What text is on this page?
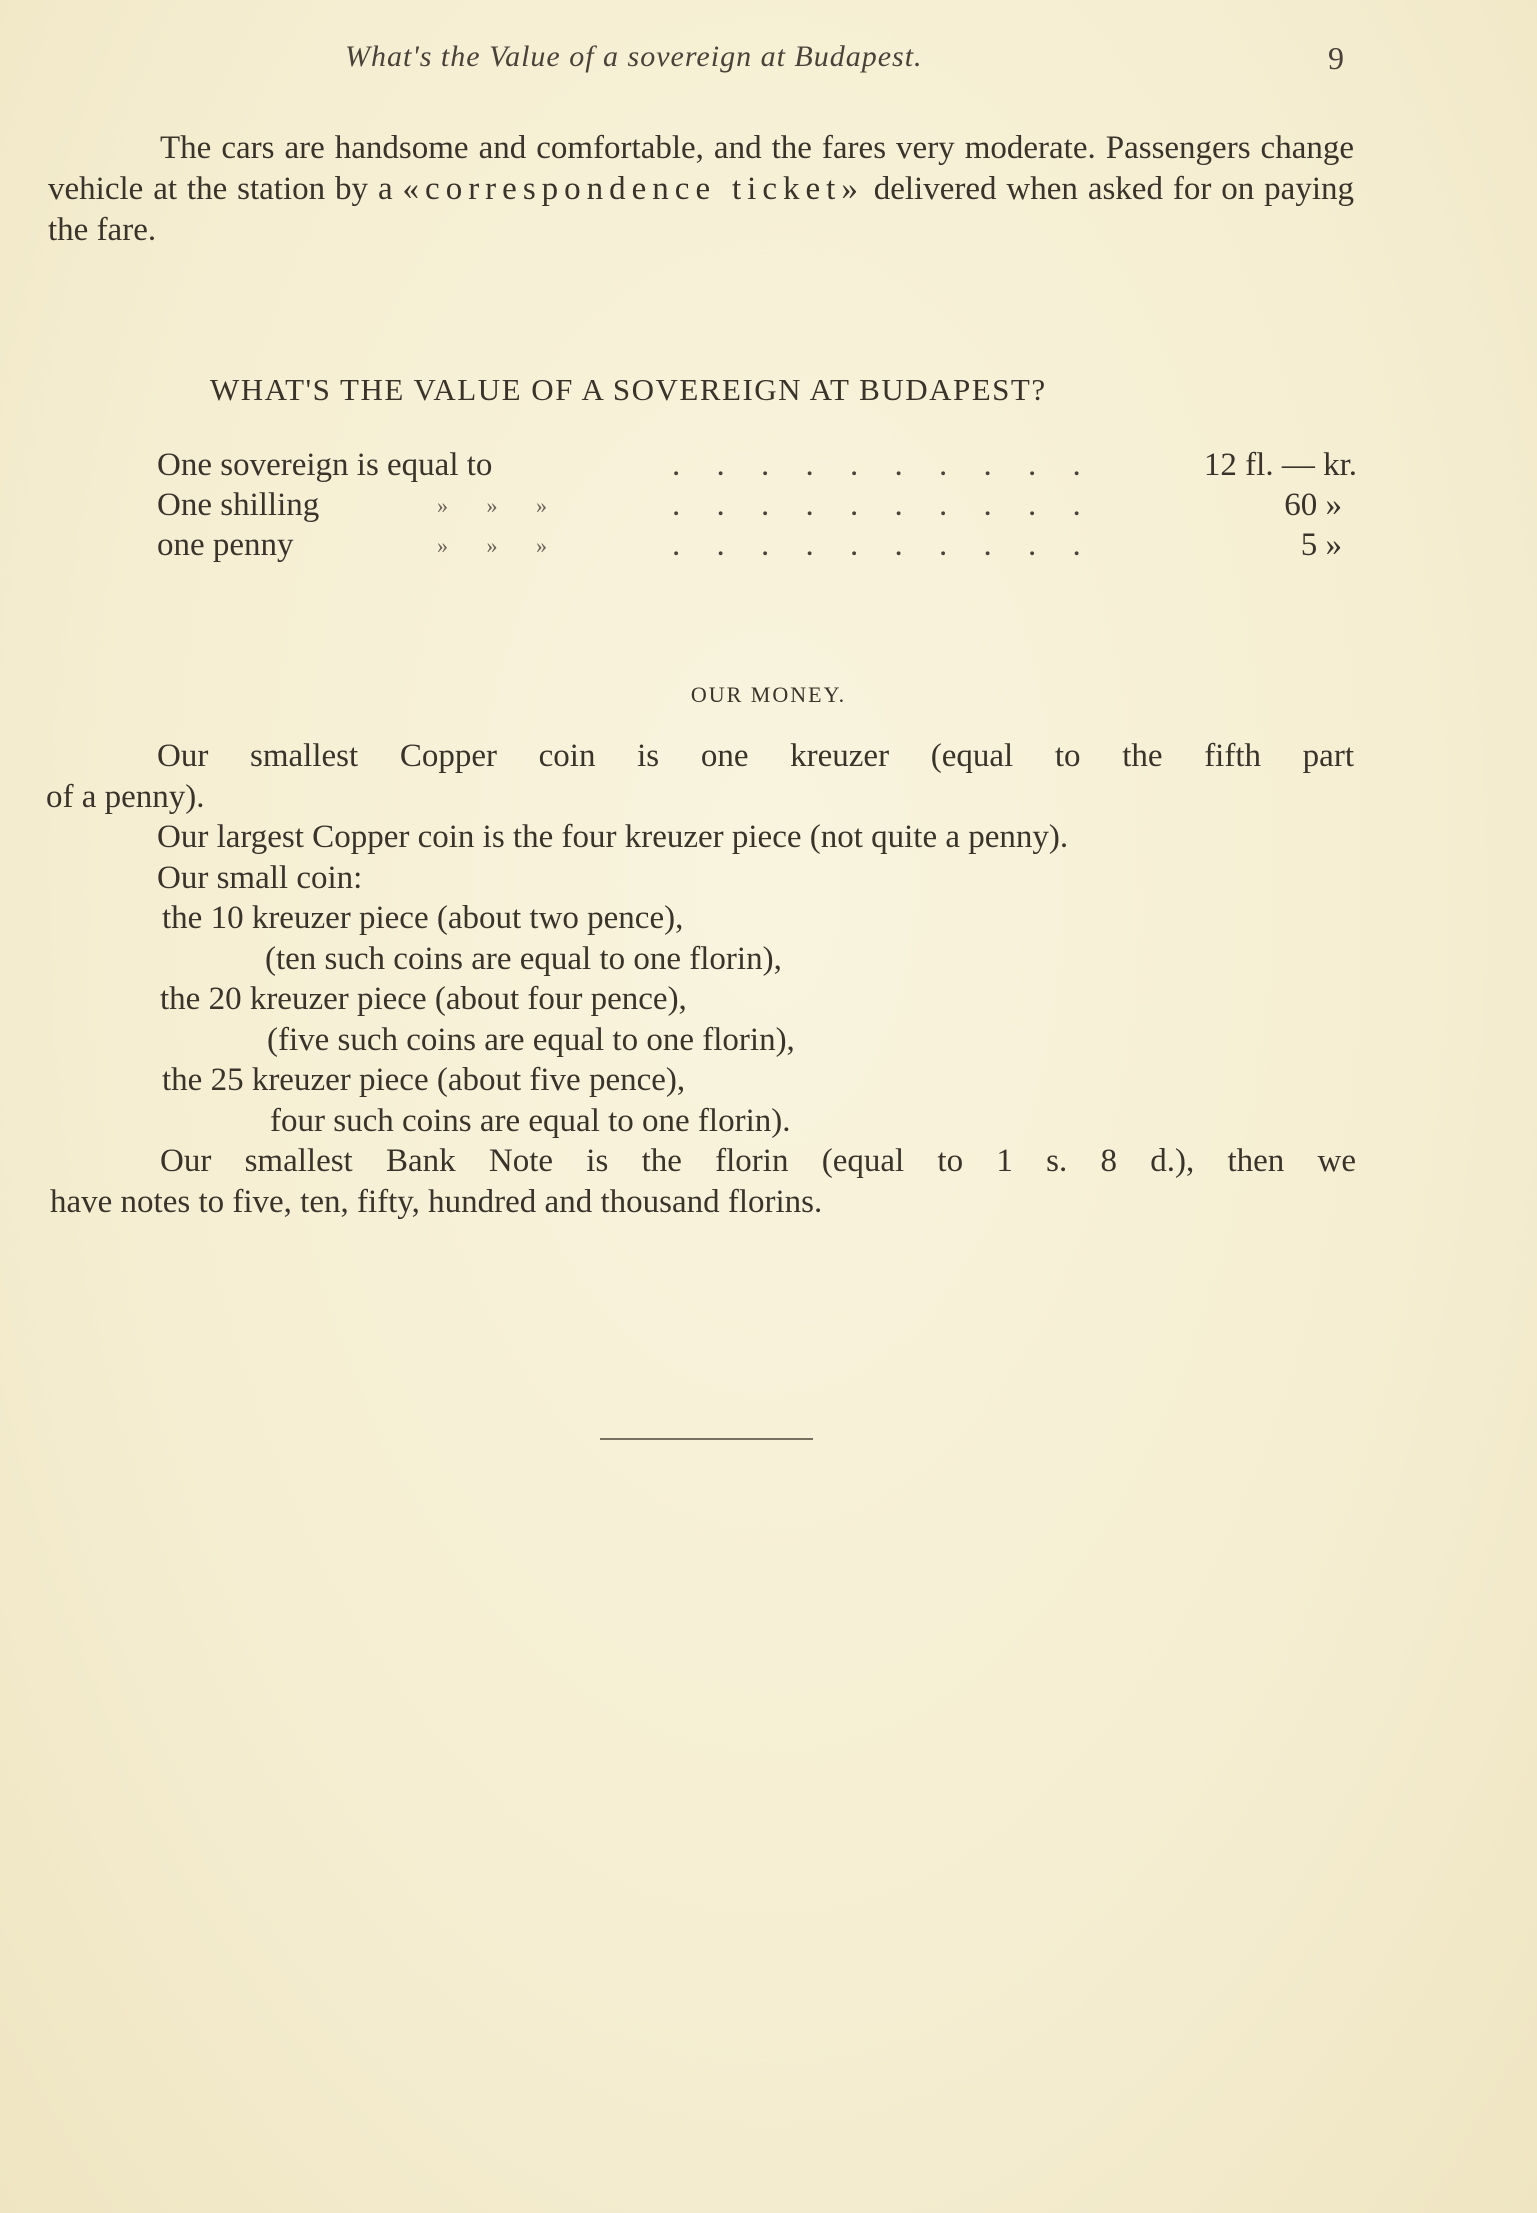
What's the Value of a sovereign at Budapest.	9

The cars are handsome and comfortable, and the fares very moderate. Passengers change vehicle at the station by a «correspondence ticket» delivered when asked for on paying the fare.

WHAT'S THE VALUE OF A SOVEREIGN AT BUDAPEST?
One sovereign is equal to	. . . . . . . . . .	12 fl. — kr.
One shilling	»       »       »	. . . . . . . . . .	60 »
one penny	»       »       »	. . . . . . . . . .	5 »
OUR MONEY.
Our smallest Copper coin is one kreuzer (equal to the fifth part
of a penny).
Our largest Copper coin is the four kreuzer piece (not quite a penny).
Our small coin:
the 10 kreuzer piece (about two pence),
(ten such coins are equal to one florin),
the 20 kreuzer piece (about four pence),
(five such coins are equal to one florin),
the 25 kreuzer piece (about five pence),
four such coins are equal to one florin).
Our smallest Bank Note is the florin (equal to 1 s. 8 d.), then we
have notes to five, ten, fifty, hundred and thousand florins.
